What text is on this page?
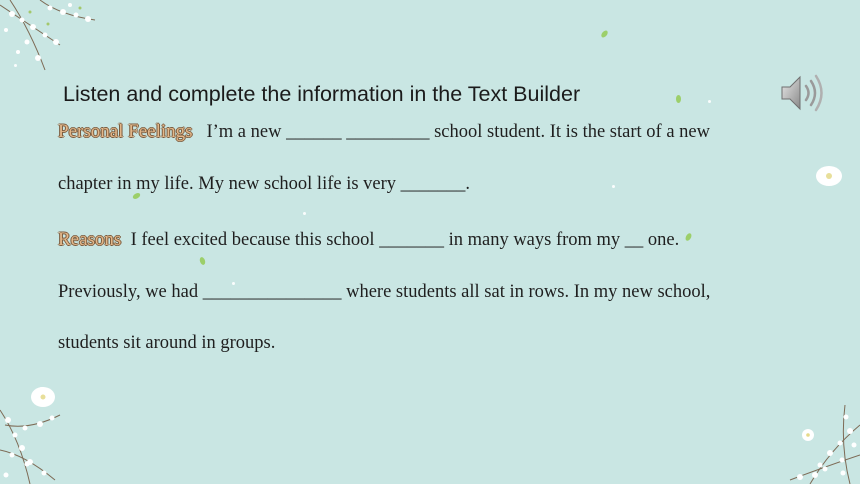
Listen and complete the information in the Text Builder
Personal Feelings I’m a new ______ _________ school student. It is the start of a new
chapter in my life. My new school life is very _______.
Reasons I feel excited because this school _______ in many ways from my __ one.
Previously, we had _______________ where students all sat in rows. In my new school,
students sit around in groups.
